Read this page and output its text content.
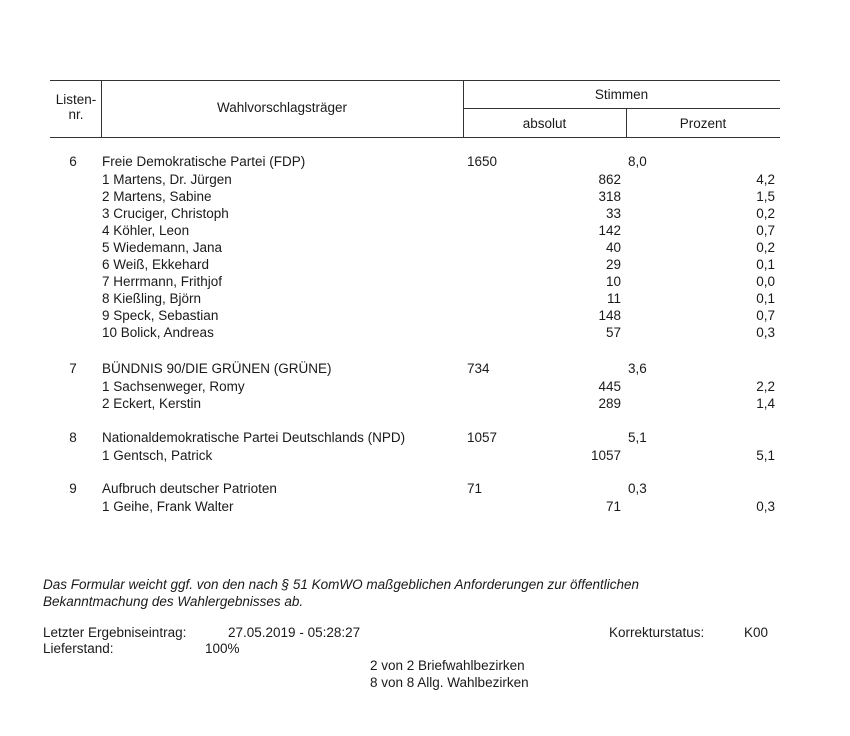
Listen-
nr.	Wahlvorschlagsträger
Stimmen
absolut	Prozent
6	Freie Demokratische Partei (FDP)	1650	8,0
1 Martens, Dr. Jürgen	862	4,2
2 Martens, Sabine	318	1,5
3 Cruciger, Christoph	33	0,2
4 Köhler, Leon	142	0,7
5 Wiedemann, Jana	40	0,2
6 Weiß, Ekkehard	29	0,1
7 Herrmann, Frithjof	10	0,0
8 Kießling, Björn	11	0,1
9 Speck, Sebastian	148	0,7
10 Bolick, Andreas	57	0,3
7	BÜNDNIS 90/DIE GRÜNEN (GRÜNE)	734	3,6
1 Sachsenweger, Romy	445	2,2
2 Eckert, Kerstin	289	1,4
8	Nationaldemokratische Partei Deutschlands (NPD)	1057	5,1
1 Gentsch, Patrick	1057	5,1
9	Aufbruch deutscher Patrioten	71	0,3
1 Geihe, Frank Walter	71	0,3
Das Formular weicht ggf. von den nach § 51 KomWO maßgeblichen Anforderungen zur öffentlichen
Bekanntmachung des Wahlergebnisses ab.
Letzter Ergebniseintrag:	27.05.2019 - 05:28:27	Korrekturstatus:	K00
Lieferstand:	100%
2 von 2 Briefwahlbezirken
8 von 8 Allg. Wahlbezirken
